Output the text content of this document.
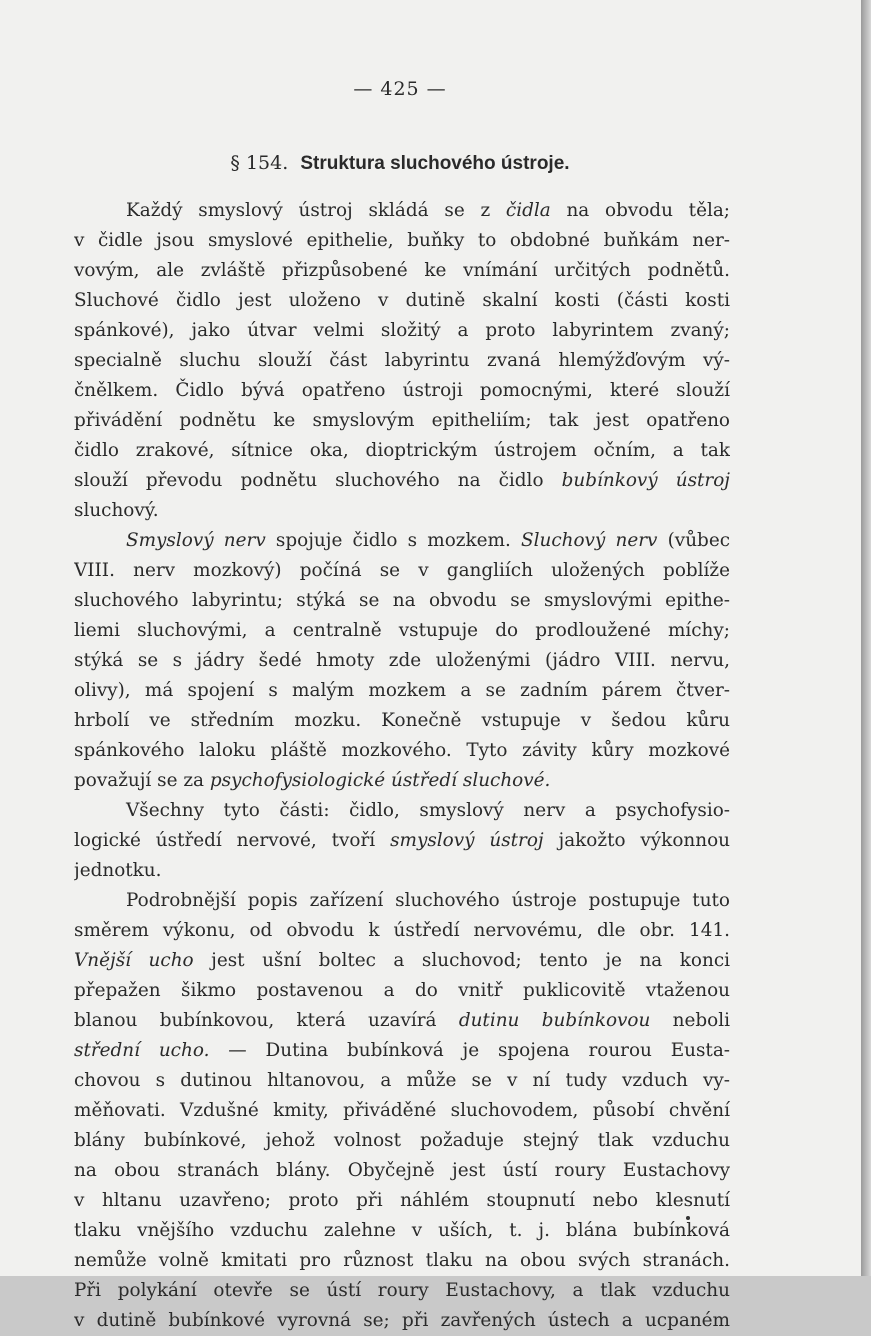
— 425 —
§ 154. Struktura sluchového ústroje.
Každý smyslový ústroj skládá se z čidla na obvodu těla;
v čidle jsou smyslové epithelie, buňky to obdobné buňkám ner-
vovým, ale zvláště přizpůsobené ke vnímání určitých podnětů.
Sluchové čidlo jest uloženo v dutině skalní kosti (části kosti
spánkové), jako útvar velmi složitý a proto labyrintem zvaný;
specialně sluchu slouží část labyrintu zvaná hlemýžďovým vý-
čnělkem. Čidlo bývá opatřeno ústroji pomocnými, které slouží
přivádění podnětu ke smyslovým epitheliím; tak jest opatřeno
čidlo zrakové, sítnice oka, dioptrickým ústrojem očním, a tak
slouží převodu podnětu sluchového na čidlo bubínkový ústroj
sluchový.
Smyslový nerv spojuje čidlo s mozkem. Sluchový nerv (vůbec
VIII. nerv mozkový) počíná se v gangliích uložených poblíže
sluchového labyrintu; stýká se na obvodu se smyslovými epithe-
liemi sluchovými, a centralně vstupuje do prodloužené míchy;
stýká se s jádry šedé hmoty zde uloženými (jádro VIII. nervu,
olivy), má spojení s malým mozkem a se zadním párem čtver-
hrbolí ve středním mozku. Konečně vstupuje v šedou kůru
spánkového laloku pláště mozkového. Tyto závity kůry mozkové
považují se za psychofysiologické ústředí sluchové.
Všechny tyto části: čidlo, smyslový nerv a psychofysio-
logické ústředí nervové, tvoří smyslový ústroj jakožto výkonnou
jednotku.
Podrobnější popis zařízení sluchového ústroje postupuje tuto
směrem výkonu, od obvodu k ústředí nervovému, dle obr. 141.
Vnější ucho jest ušní boltec a sluchovod; tento je na konci
přepažen šikmo postavenou a do vnitř puklicovitě vtaženou
blanou bubínkovou, která uzavírá dutinu bubínkovou neboli
střední ucho. — Dutina bubínková je spojena rourou Eusta-
chovou s dutinou hltanovou, a může se v ní tudy vzduch vy-
měňovati. Vzdušné kmity, přiváděné sluchovodem, působí chvění
blány bubínkové, jehož volnost požaduje stejný tlak vzduchu
na obou stranách blány. Obyčejně jest ústí roury Eustachovy
v hltanu uzavřeno; proto při náhlém stoupnutí nebo klesnutí
tlaku vnějšího vzduchu zalehne v uších, t. j. blána bubínková
nemůže volně kmitati pro různost tlaku na obou svých stranách.
Při polykání otevře se ústí roury Eustachovy, a tlak vzduchu
v dutině bubínkové vyrovná se; při zavřených ústech a ucpaném
